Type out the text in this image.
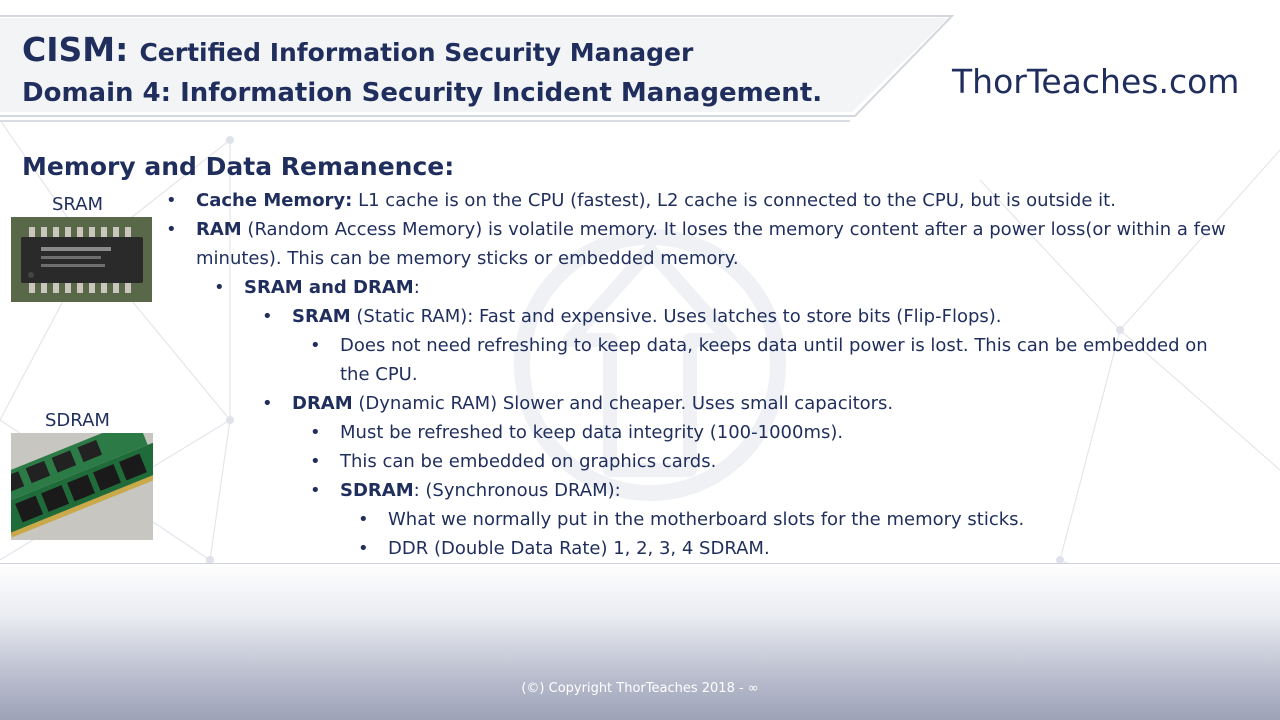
CISM: Certified Information Security Manager
Domain 4: Information Security Incident Management.	ThorTeaches.com
Memory and Data Remanence:
SRAM
SDRAM

• Cache Memory: L1 cache is on the CPU (fastest), L2 cache is connected to the CPU, but is outside it.

• RAM (Random Access Memory) is volatile memory. It loses the memory content after a power loss(or within a few minutes). This can be memory sticks or embedded memory.

• SRAM and DRAM:

• SRAM (Static RAM): Fast and expensive. Uses latches to store bits (Flip-Flops).

• Does not need refreshing to keep data, keeps data until power is lost. This can be embedded on the CPU.

• DRAM (Dynamic RAM) Slower and cheaper. Uses small capacitors.

• Must be refreshed to keep data integrity (100-1000ms).

• This can be embedded on graphics cards.

• SDRAM: (Synchronous DRAM):

• What we normally put in the motherboard slots for the memory sticks.

• DDR (Double Data Rate) 1, 2, 3, 4 SDRAM.

(©) Copyright ThorTeaches 2018 - ∞
